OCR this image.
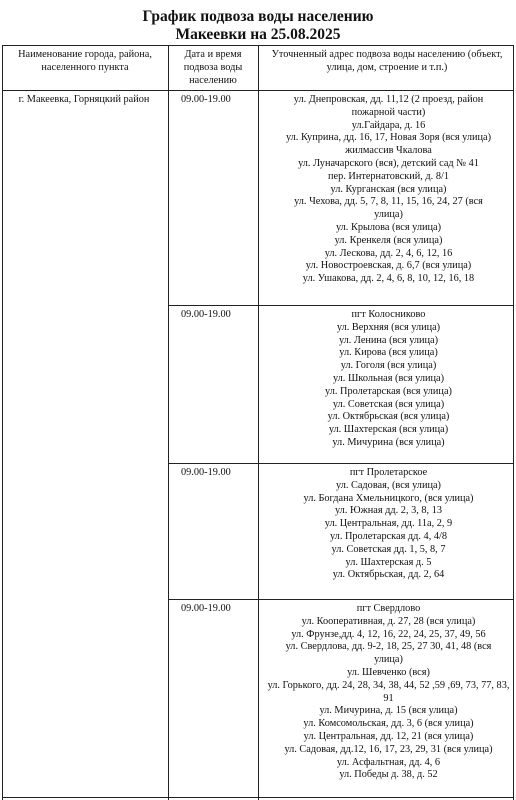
График подвоза воды населению
Макеевки на 25.08.2025
Наименование города, района, населенного пункта
Дата и время подвоза воды населению
Уточненный адрес подвоза воды населению (объект, улица, дом, строение и т.п.)
г. Макеевка, Горняцкий район	09.00-19.00
09.00-19.00
09.00-19.00
09.00-19.00
ул. Днепровская, дд. 11,12 (2 проезд, район пожарной части)
ул.Гайдара, д. 16
ул. Куприна, дд. 16, 17, Новая Зоря (вся улица)
жилмассив Чкалова
ул. Луначарского (вся), детский сад № 41
пер. Интернатовский, д. 8/1
ул. Курганская (вся улица)
ул. Чехова, дд. 5, 7, 8, 11, 15, 16, 24, 27 (вся улица)
ул. Крылова (вся улица)
ул. Кренкеля (вся улица)
ул. Лескова, дд. 2, 4, 6, 12, 16
ул. Новостроевская, д. 6,7 (вся улица)
ул. Ушакова, дд. 2, 4, 6, 8, 10, 12, 16, 18
пгт Колосниково
ул. Верхняя (вся улица)
ул. Ленина (вся улица)
ул. Кирова (вся улица)
ул. Гоголя (вся улица)
ул. Школьная (вся улица)
ул. Пролетарская (вся улица)
ул. Советская (вся улица)
ул. Октябрьская (вся улица)
ул. Шахтерская (вся улица)
ул. Мичурина (вся улица)
пгт Пролетарское
ул. Садовая, (вся улица)
ул. Богдана Хмельницкого, (вся улица)
ул. Южная дд. 2, 3, 8, 13
ул. Центральная, дд. 11а, 2, 9
ул. Пролетарская дд. 4, 4/8
ул. Советская дд. 1, 5, 8, 7
ул. Шахтерская д. 5
ул. Октябрьская, дд. 2, 64
пгт Свердлово
ул. Кооперативная, д. 27, 28 (вся улица)
ул. Фрунзе,дд. 4, 12, 16, 22, 24, 25, 37, 49, 56
ул. Свердлова, дд. 9-2, 18, 25, 27 30, 41, 48 (вся улица)
ул. Шевченко (вся)
ул. Горького, дд. 24, 28, 34, 38, 44, 52 ,59 ,69, 73, 77, 83, 91
ул. Мичурина, д. 15 (вся улица)
ул. Комсомольская, дд. 3, 6 (вся улица)
ул. Центральная, дд. 12, 21 (вся улица)
ул. Садовая, дд.12, 16, 17, 23, 29, 31 (вся улица)
ул. Асфальтная, дд. 4, 6
ул. Победы д. 38, д. 52
